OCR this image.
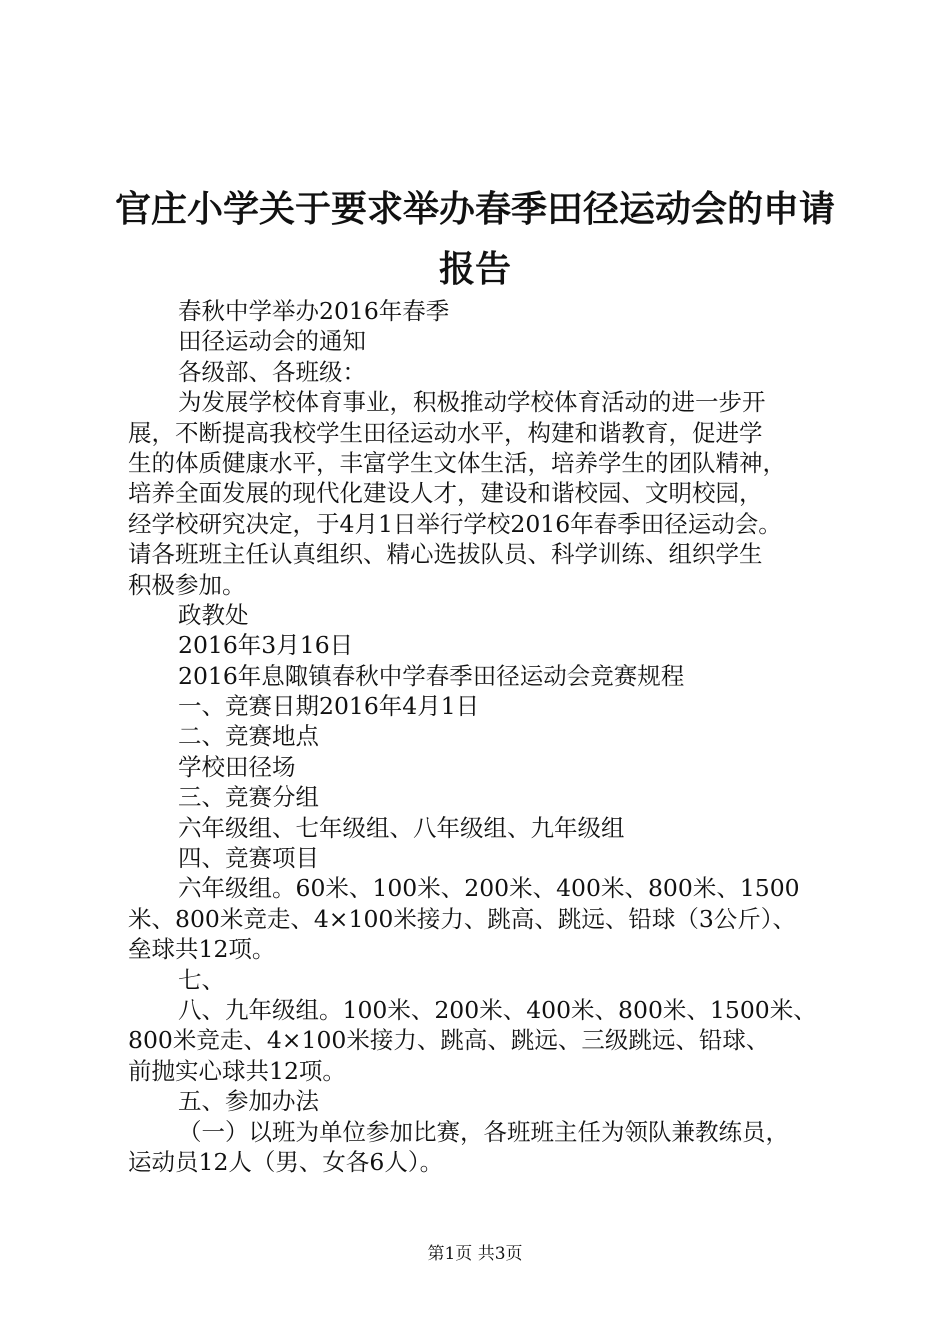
官庄小学关于要求举办春季田径运动会的申请
报告

春秋中学举办2016年春季

田径运动会的通知

各级部、各班级：

为发展学校体育事业，积极推动学校体育活动的进一步开

展，不断提高我校学生田径运动水平，构建和谐教育，促进学

生的体质健康水平，丰富学生文体生活，培养学生的团队精神，

培养全面发展的现代化建设人才，建设和谐校园、文明校园，

经学校研究决定，于4月1日举行学校2016年春季田径运动会。

请各班班主任认真组织、精心选拔队员、科学训练、组织学生

积极参加。

政教处

2016年3月16日

2016年息陬镇春秋中学春季田径运动会竞赛规程

一、竞赛日期2016年4月1日

二、竞赛地点

学校田径场

三、竞赛分组

六年级组、七年级组、八年级组、九年级组

四、竞赛项目

六年级组。60米、100米、200米、400米、800米、1500

米、800米竞走、4×100米接力、跳高、跳远、铅球（3公斤）、

垒球共12项。

七、

八、九年级组。100米、200米、400米、800米、1500米、

800米竞走、4×100米接力、跳高、跳远、三级跳远、铅球、

前抛实心球共12项。

五、参加办法

（一）以班为单位参加比赛，各班班主任为领队兼教练员，

运动员12人（男、女各6人）。

第1页 共3页
